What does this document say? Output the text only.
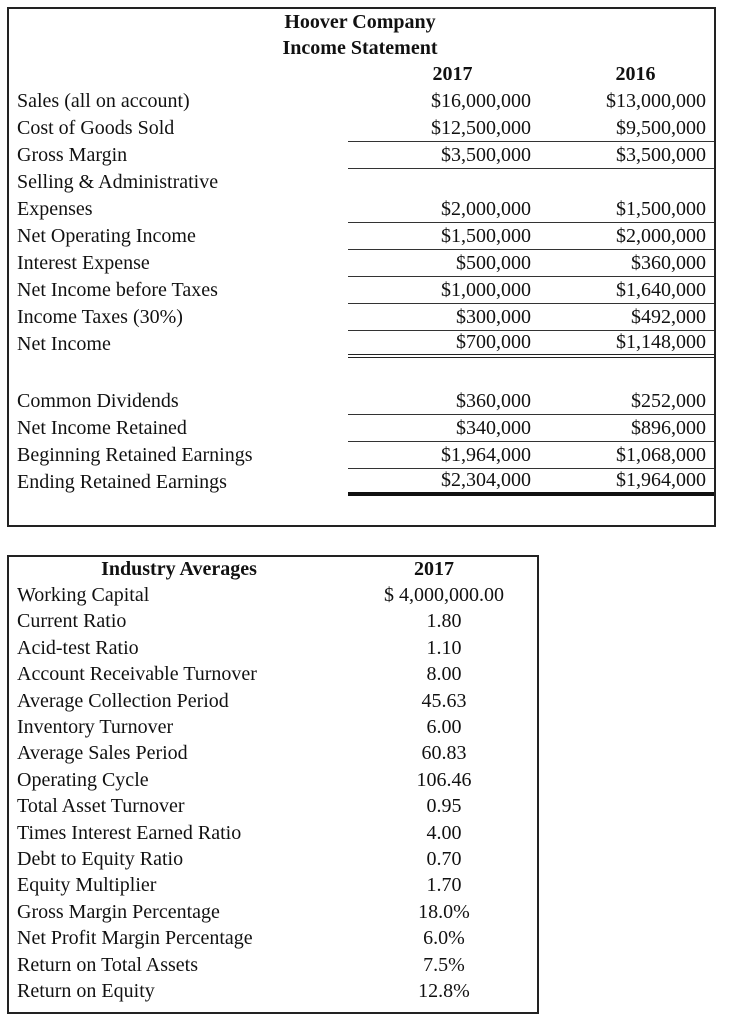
Hoover Company
Income Statement
2017	2016
Sales (all on account)	$16,000,000	$13,000,000
Cost of Goods Sold	$12,500,000	$9,500,000
Gross Margin	$3,500,000	$3,500,000
Selling & Administrative
Expenses	$2,000,000	$1,500,000
Net Operating Income	$1,500,000	$2,000,000
Interest Expense	$500,000	$360,000
Net Income before Taxes	$1,000,000	$1,640,000
Income Taxes (30%)	$300,000	$492,000
Net Income	$700,000	$1,148,000
Common Dividends	$360,000	$252,000
Net Income Retained	$340,000	$896,000
Beginning Retained Earnings	$1,964,000	$1,068,000
Ending Retained Earnings	$2,304,000	$1,964,000
Industry Averages	2017
Working Capital	$ 4,000,000.00
Current Ratio	1.80
Acid-test Ratio	1.10
Account Receivable Turnover	8.00
Average Collection Period	45.63
Inventory Turnover	6.00
Average Sales Period	60.83
Operating Cycle	106.46
Total Asset Turnover	0.95
Times Interest Earned Ratio	4.00
Debt to Equity Ratio	0.70
Equity Multiplier	1.70
Gross Margin Percentage	18.0%
Net Profit Margin Percentage	6.0%
Return on Total Assets	7.5%
Return on Equity	12.8%
